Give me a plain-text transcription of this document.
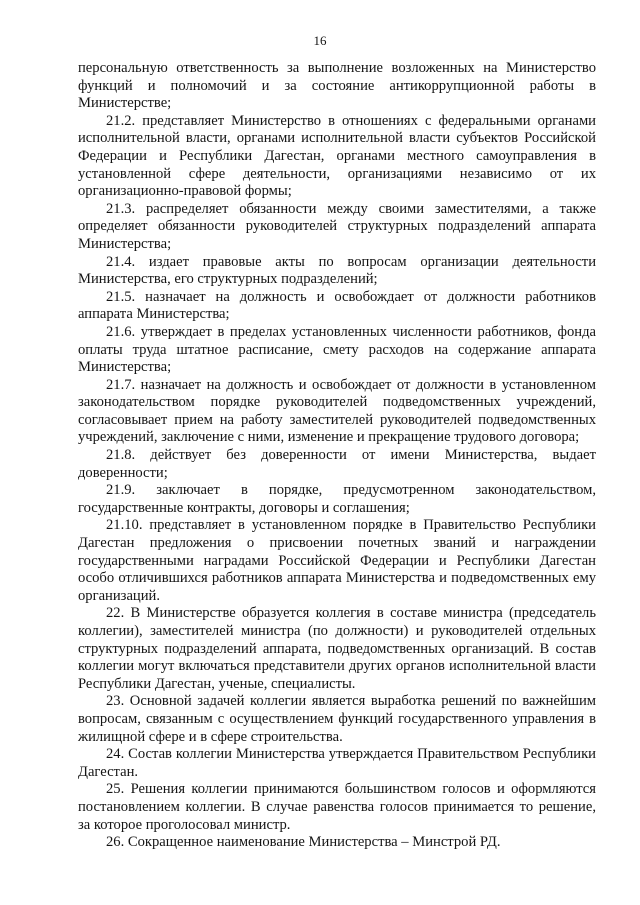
16

персональную ответственность за выполнение возложенных на Министерство функций и полномочий и за состояние антикоррупционной работы в Министерстве;

21.2. представляет Министерство в отношениях с федеральными органами исполнительной власти, органами исполнительной власти субъектов Российской Федерации и Республики Дагестан, органами местного самоуправления в установленной сфере деятельности, организациями независимо от их организационно-правовой формы;

21.3. распределяет обязанности между своими заместителями, а также определяет обязанности руководителей структурных подразделений аппарата Министерства;

21.4. издает правовые акты по вопросам организации деятельности Министерства, его структурных подразделений;

21.5. назначает на должность и освобождает от должности работников аппарата Министерства;

21.6. утверждает в пределах установленных численности работников, фонда оплаты труда штатное расписание, смету расходов на содержание аппарата Министерства;

21.7. назначает на должность и освобождает от должности в установленном законодательством порядке руководителей подведомственных учреждений, согласовывает прием на работу заместителей руководителей подведомственных учреждений, заключение с ними, изменение и прекращение трудового договора;

21.8. действует без доверенности от имени Министерства, выдает доверенности;

21.9. заключает в порядке, предусмотренном законодательством, государственные контракты, договоры и соглашения;

21.10. представляет в установленном порядке в Правительство Республики Дагестан предложения о присвоении почетных званий и награждении государственными наградами Российской Федерации и Республики Дагестан особо отличившихся работников аппарата Министерства и подведомственных ему организаций.

22. В Министерстве образуется коллегия в составе министра (председатель коллегии), заместителей министра (по должности) и руководителей отдельных структурных подразделений аппарата, подведомственных организаций. В состав коллегии могут включаться представители других органов исполнительной власти Республики Дагестан, ученые, специалисты.

23. Основной задачей коллегии является выработка решений по важнейшим вопросам, связанным с осуществлением функций государственного управления в жилищной сфере и в сфере строительства.

24. Состав коллегии Министерства утверждается Правительством Республики Дагестан.

25. Решения коллегии принимаются большинством голосов и оформляются постановлением коллегии. В случае равенства голосов принимается то решение, за которое проголосовал министр.

26. Сокращенное наименование Министерства – Минстрой РД.
